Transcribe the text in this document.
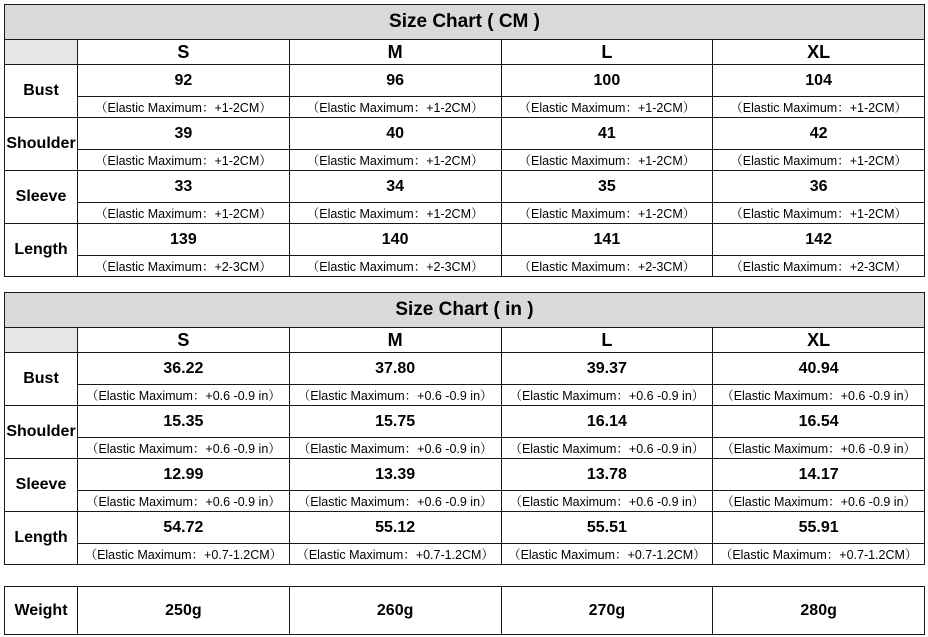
Size Chart ( CM )				
	S	M	L	XL
Bust	92	96	100	104
	（Elastic Maximum：+1-2CM）	（Elastic Maximum：+1-2CM）	（Elastic Maximum：+1-2CM）	（Elastic Maximum：+1-2CM）
Shoulder	39	40	41	42
	（Elastic Maximum：+1-2CM）	（Elastic Maximum：+1-2CM）	（Elastic Maximum：+1-2CM）	（Elastic Maximum：+1-2CM）
Sleeve	33	34	35	36
	（Elastic Maximum：+1-2CM）	（Elastic Maximum：+1-2CM）	（Elastic Maximum：+1-2CM）	（Elastic Maximum：+1-2CM）
Length	139	140	141	142
	（Elastic Maximum：+2-3CM）	（Elastic Maximum：+2-3CM）	（Elastic Maximum：+2-3CM）	（Elastic Maximum：+2-3CM）
Size Chart ( in )				
	S	M	L	XL
Bust	36.22	37.80	39.37	40.94
	（Elastic Maximum：+0.6 -0.9 in）	（Elastic Maximum：+0.6 -0.9 in）	（Elastic Maximum：+0.6 -0.9 in）	（Elastic Maximum：+0.6 -0.9 in）
Shoulder	15.35	15.75	16.14	16.54
	（Elastic Maximum：+0.6 -0.9 in）	（Elastic Maximum：+0.6 -0.9 in）	（Elastic Maximum：+0.6 -0.9 in）	（Elastic Maximum：+0.6 -0.9 in）
Sleeve	12.99	13.39	13.78	14.17
	（Elastic Maximum：+0.6 -0.9 in）	（Elastic Maximum：+0.6 -0.9 in）	（Elastic Maximum：+0.6 -0.9 in）	（Elastic Maximum：+0.6 -0.9 in）
Length	54.72	55.12	55.51	55.91
	（Elastic Maximum：+0.7-1.2CM）	（Elastic Maximum：+0.7-1.2CM）	（Elastic Maximum：+0.7-1.2CM）	（Elastic Maximum：+0.7-1.2CM）
Weight	250g	260g	270g	280g
